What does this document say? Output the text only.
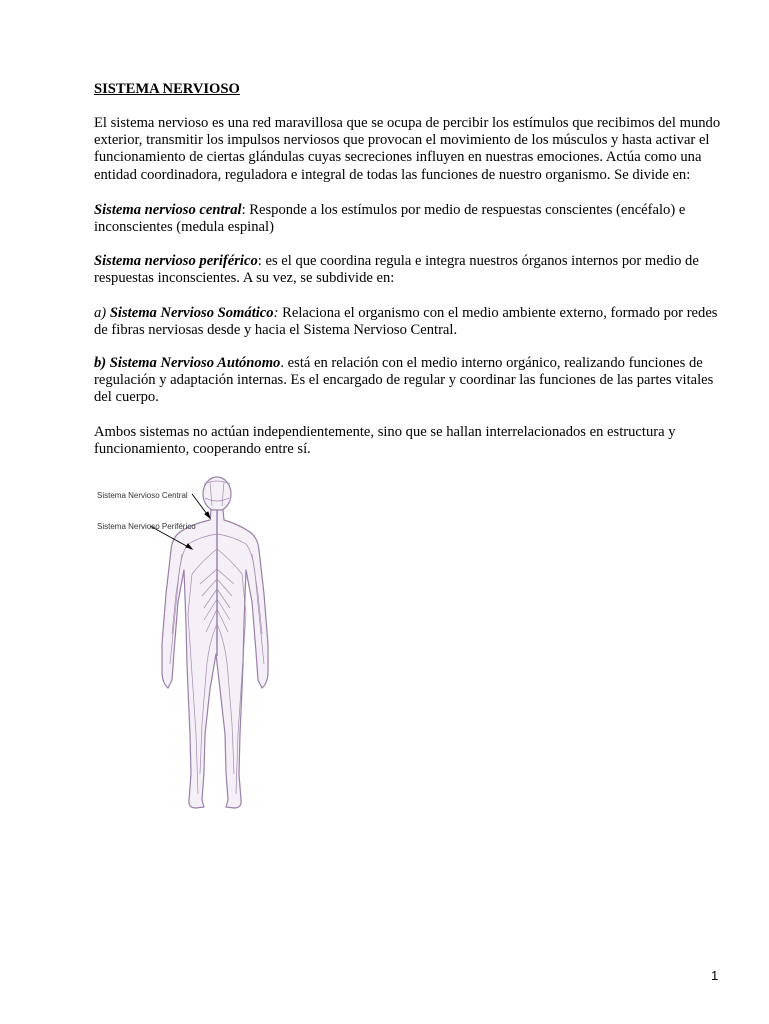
SISTEMA NERVIOSO

El sistema nervioso es una red maravillosa que se ocupa de percibir los estímulos que recibimos del mundo exterior, transmitir los impulsos nerviosos que provocan el movimiento de los músculos y hasta activar el funcionamiento de ciertas glándulas cuyas secreciones influyen en nuestras emociones. Actúa como una entidad coordinadora, reguladora e integral de todas las funciones de nuestro organismo. Se divide en:

Sistema nervioso central: Responde a los estímulos por medio de respuestas conscientes (encéfalo) e inconscientes (medula espinal)

Sistema nervioso periférico: es el que coordina regula e integra nuestros órganos internos por medio de respuestas inconscientes. A su vez, se subdivide en:

a) Sistema Nervioso Somático: Relaciona el organismo con el medio ambiente externo, formado por redes de fibras nerviosas desde y hacia el Sistema Nervioso Central.

b) Sistema Nervioso Autónomo. está en relación con el medio interno orgánico, realizando funciones de regulación y adaptación internas. Es el encargado de regular y coordinar las funciones de las partes vitales del cuerpo.

Ambos sistemas no actúan independientemente, sino que se hallan interrelacionados en estructura y funcionamiento, cooperando entre sí.

Sistema Nervioso Central
Sistema Nervioso Periférico
1
